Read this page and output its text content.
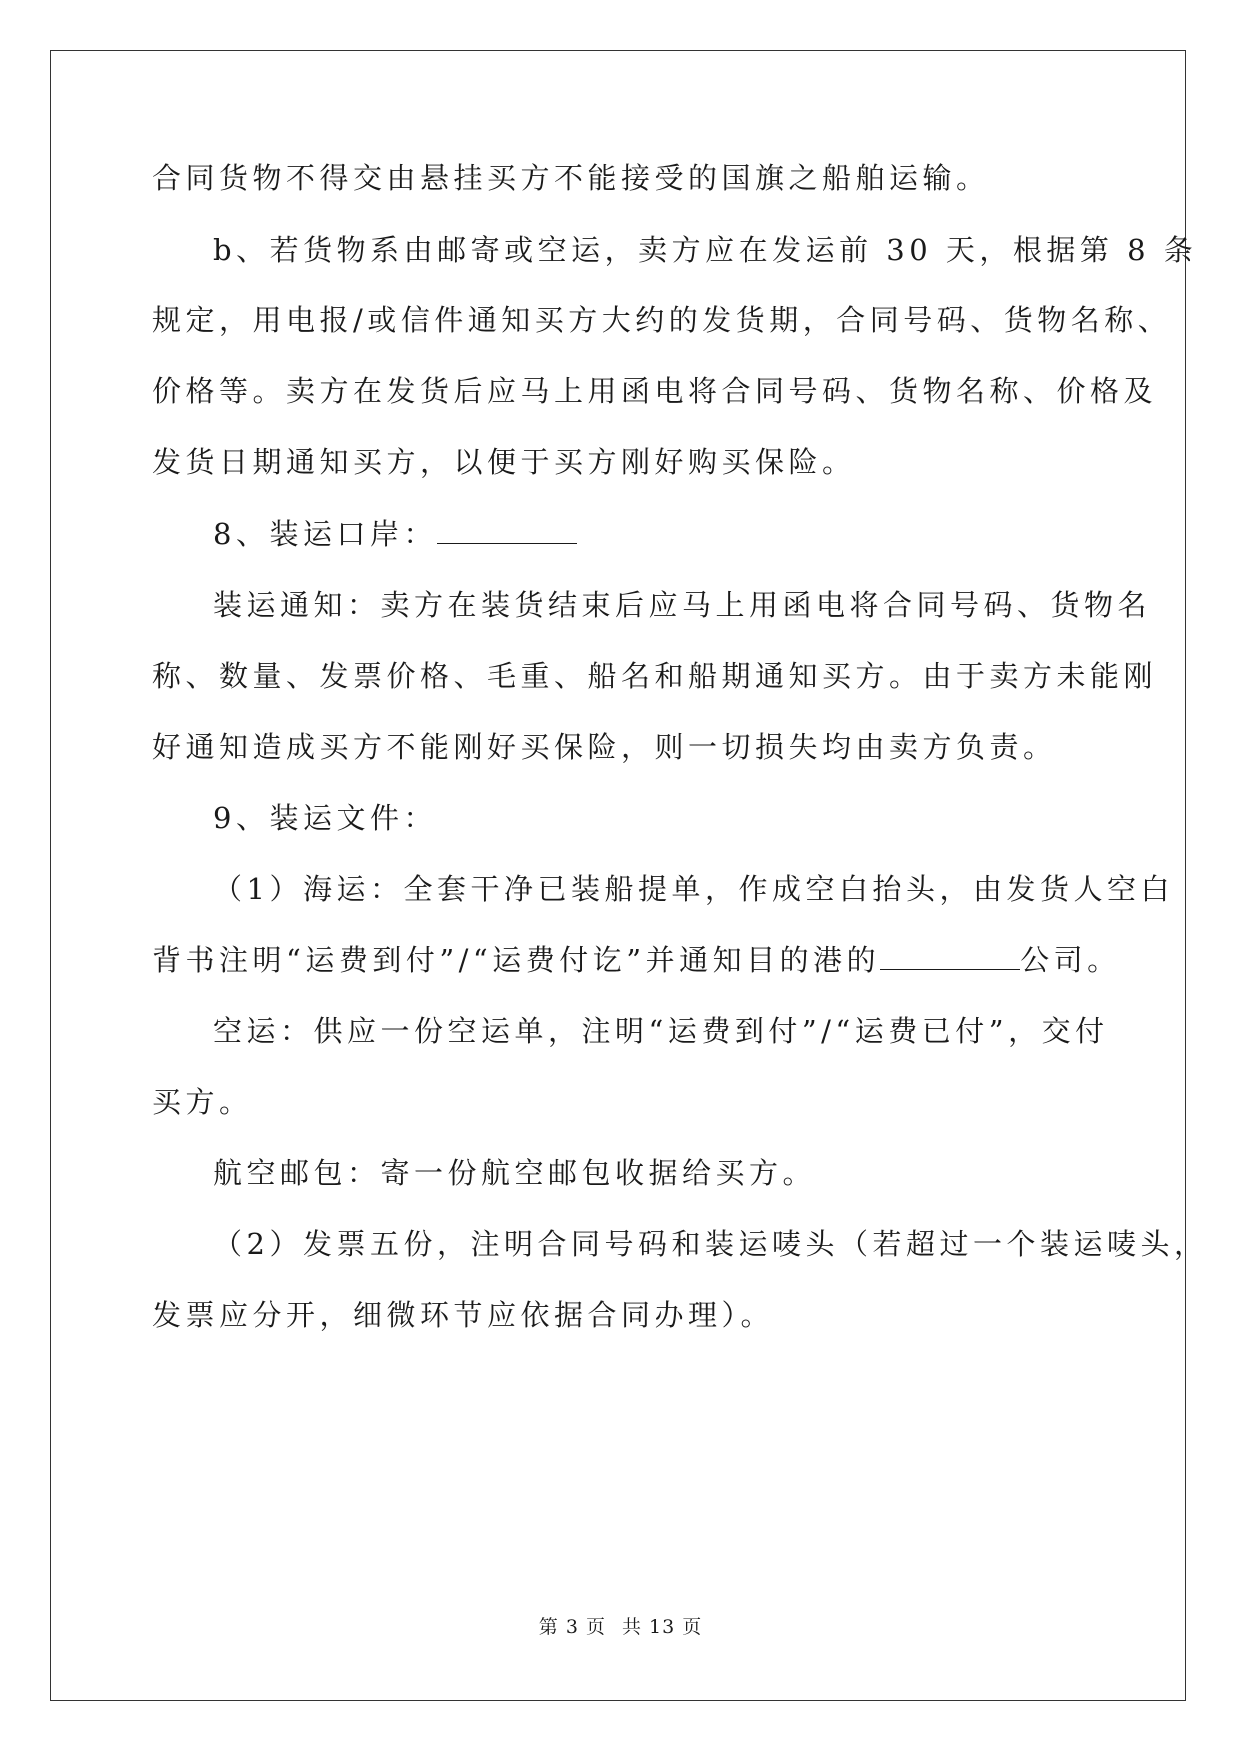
合同货物不得交由悬挂买方不能接受的国旗之船舶运输。
b、若货物系由邮寄或空运，卖方应在发运前 30 天，根据第 8 条
规定，用电报/或信件通知买方大约的发货期，合同号码、货物名称、
价格等。卖方在发货后应马上用函电将合同号码、货物名称、价格及
发货日期通知买方，以便于买方刚好购买保险。
8、装运口岸：
装运通知：卖方在装货结束后应马上用函电将合同号码、货物名
称、数量、发票价格、毛重、船名和船期通知买方。由于卖方未能刚
好通知造成买方不能刚好买保险，则一切损失均由卖方负责。
9、装运文件：
（1）海运：全套干净已装船提单，作成空白抬头，由发货人空白
背书注明“运费到付”/“运费付讫”并通知目的港的	公司。
空运：供应一份空运单，注明“运费到付”/“运费已付”，交付
买方。
航空邮包：寄一份航空邮包收据给买方。
（2）发票五份，注明合同号码和装运唛头（若超过一个装运唛头，
发票应分开，细微环节应依据合同办理）。
第 3 页 共 13 页
